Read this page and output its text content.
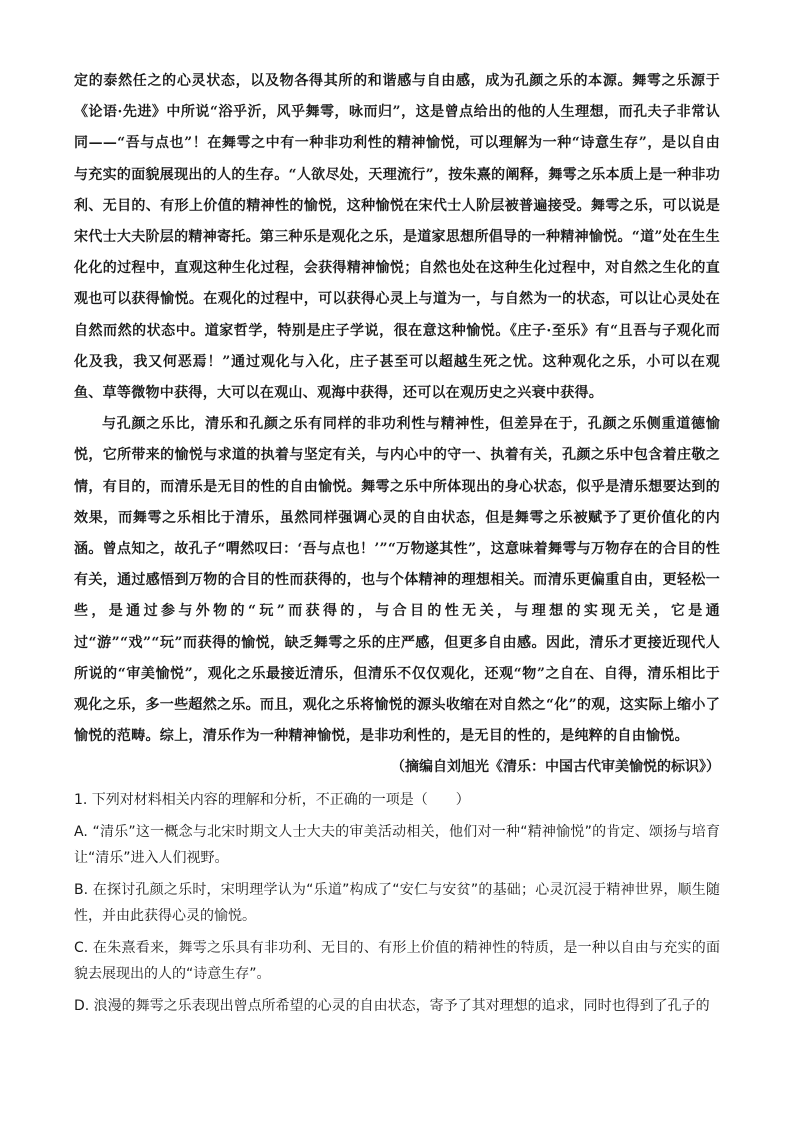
定的泰然任之的心灵状态，以及物各得其所的和谐感与自由感，成为孔颜之乐的本源。舞雩之乐源于《论语·先进》中所说“浴乎沂，风乎舞雩，咏而归”，这是曾点给出的他的人生理想，而孔夫子非常认同——“吾与点也”！在舞雩之中有一种非功利性的精神愉悦，可以理解为一种“诗意生存”，是以自由与充实的面貌展现出的人的生存。“人欲尽处，天理流行”，按朱熹的阐释，舞雩之乐本质上是一种非功利、无目的、有形上价值的精神性的愉悦，这种愉悦在宋代士人阶层被普遍接受。舞雩之乐，可以说是宋代士大夫阶层的精神寄托。第三种乐是观化之乐，是道家思想所倡导的一种精神愉悦。“道”处在生生化化的过程中，直观这种生化过程，会获得精神愉悦；自然也处在这种生化过程中，对自然之生化的直观也可以获得愉悦。在观化的过程中，可以获得心灵上与道为一，与自然为一的状态，可以让心灵处在自然而然的状态中。道家哲学，特别是庄子学说，很在意这种愉悦。《庄子·至乐》有“且吾与子观化而化及我，我又何恶焉！”通过观化与入化，庄子甚至可以超越生死之忧。这种观化之乐，小可以在观鱼、草等微物中获得，大可以在观山、观海中获得，还可以在观历史之兴衰中获得。

与孔颜之乐比，清乐和孔颜之乐有同样的非功利性与精神性，但差异在于，孔颜之乐侧重道德愉悦，它所带来的愉悦与求道的执着与坚定有关，与内心中的守一、执着有关，孔颜之乐中包含着庄敬之情，有目的，而清乐是无目的性的自由愉悦。舞雩之乐中所体现出的身心状态，似乎是清乐想要达到的效果，而舞雩之乐相比于清乐，虽然同样强调心灵的自由状态，但是舞雩之乐被赋予了更价值化的内涵。曾点知之，故孔子“喟然叹曰：‘吾与点也！’”“万物遂其性”，这意味着舞雩与万物存在的合目的性有关，通过感悟到万物的合目的性而获得的，也与个体精神的理想相关。而清乐更偏重自由，更轻松一些，是通过参与外物的“玩”而获得的，与合目的性无关，与理想的实现无关，它是通过“游”“戏”“玩”而获得的愉悦，缺乏舞雩之乐的庄严感，但更多自由感。因此，清乐才更接近现代人所说的“审美愉悦”，观化之乐最接近清乐，但清乐不仅仅观化，还观“物”之自在、自得，清乐相比于观化之乐，多一些超然之乐。而且，观化之乐将愉悦的源头收缩在对自然之“化”的观，这实际上缩小了愉悦的范畴。综上，清乐作为一种精神愉悦，是非功利性的，是无目的性的，是纯粹的自由愉悦。

（摘编自刘旭光《清乐：中国古代审美愉悦的标识》）

1. 下列对材料相关内容的理解和分析，不正确的一项是（　　）

A. “清乐”这一概念与北宋时期文人士大夫的审美活动相关，他们对一种“精神愉悦”的肯定、颂扬与培育让“清乐”进入人们视野。

B. 在探讨孔颜之乐时，宋明理学认为“乐道”构成了“安仁与安贫”的基础；心灵沉浸于精神世界，顺生随性，并由此获得心灵的愉悦。

C. 在朱熹看来，舞雩之乐具有非功利、无目的、有形上价值的精神性的特质，是一种以自由与充实的面貌去展现出的人的“诗意生存”。

D. 浪漫的舞雩之乐表现出曾点所希望的心灵的自由状态，寄予了其对理想的追求，同时也得到了孔子的
